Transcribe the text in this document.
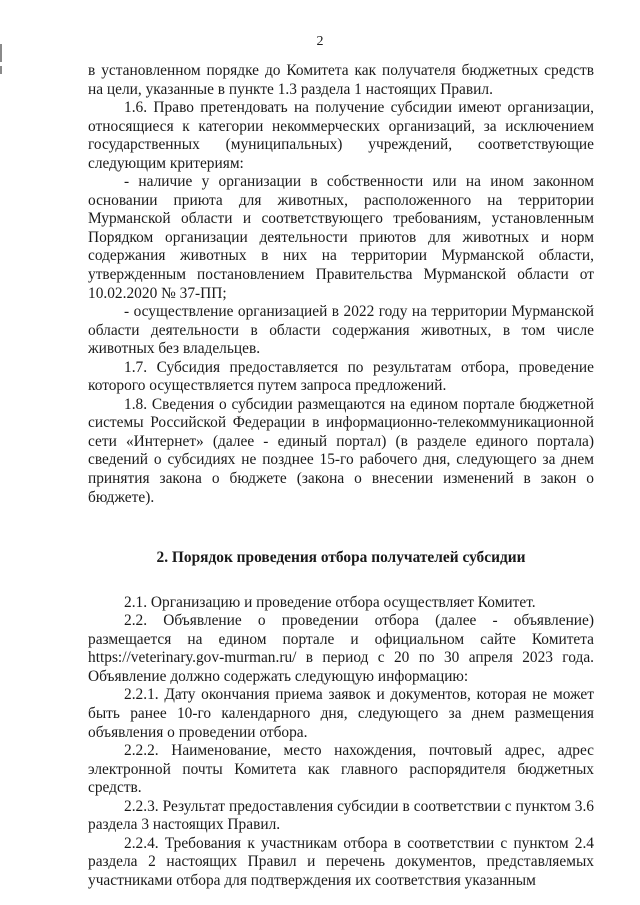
2

в установленном порядке до Комитета как получателя бюджетных средств на цели, указанные в пункте 1.3 раздела 1 настоящих Правил.

1.6. Право претендовать на получение субсидии имеют организации, относящиеся к категории некоммерческих организаций, за исключением государственных (муниципальных) учреждений, соответствующие следующим критериям:

- наличие у организации в собственности или на ином законном основании приюта для животных, расположенного на территории Мурманской области и соответствующего требованиям, установленным Порядком организации деятельности приютов для животных и норм содержания животных в них на территории Мурманской области, утвержденным постановлением Правительства Мурманской области от 10.02.2020 № 37-ПП;

- осуществление организацией в 2022 году на территории Мурманской области деятельности в области содержания животных, в том числе животных без владельцев.

1.7. Субсидия предоставляется по результатам отбора, проведение которого осуществляется путем запроса предложений.

1.8. Сведения о субсидии размещаются на едином портале бюджетной системы Российской Федерации в информационно-телекоммуникационной сети «Интернет» (далее - единый портал) (в разделе единого портала) сведений о субсидиях не позднее 15-го рабочего дня, следующего за днем принятия закона о бюджете (закона о внесении изменений в закон о бюджете).

2. Порядок проведения отбора получателей субсидии

2.1. Организацию и проведение отбора осуществляет Комитет.

2.2. Объявление о проведении отбора (далее - объявление) размещается на едином портале и официальном сайте Комитета https://veterinary.gov-murman.ru/ в период с 20 по 30 апреля 2023 года. Объявление должно содержать следующую информацию:

2.2.1. Дату окончания приема заявок и документов, которая не может быть ранее 10-го календарного дня, следующего за днем размещения объявления о проведении отбора.

2.2.2. Наименование, место нахождения, почтовый адрес, адрес электронной почты Комитета как главного распорядителя бюджетных средств.

2.2.3. Результат предоставления субсидии в соответствии с пунктом 3.6 раздела 3 настоящих Правил.

2.2.4. Требования к участникам отбора в соответствии с пунктом 2.4 раздела 2 настоящих Правил и перечень документов, представляемых участниками отбора для подтверждения их соответствия указанным
